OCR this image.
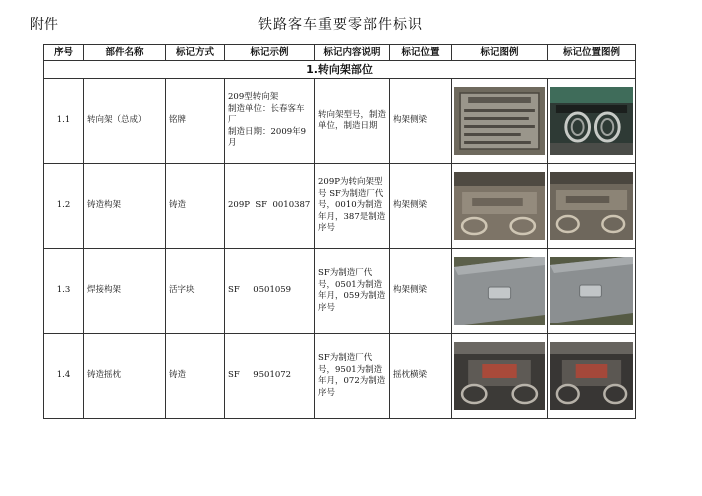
附件	铁路客车重要零部件标识
序号	部件名称	标记方式	标记示例	标记内容说明	标记位置	标记图例	标记位置图例
1.转向架部位							
1.1	转向架（总成）	铭牌	209型转向架
制造单位：长春客车厂
制造日期：2009年9月	转向架型号，制造单位，制造日期	构架侧梁	

1.2	铸造构架	铸造	209P  SF  0010387	209P为转向架型号 SF为制造厂代号，0010为制造年月，387是制造序号	构架侧梁	

1.3	焊接构架	活字块	SF     0501059	SF为制造厂代号，0501为制造年月，059为制造序号	构架侧梁	

1.4	铸造摇枕	铸造	SF     9501072	SF为制造厂代号，9501为制造年月，072为制造序号	摇枕横梁	
